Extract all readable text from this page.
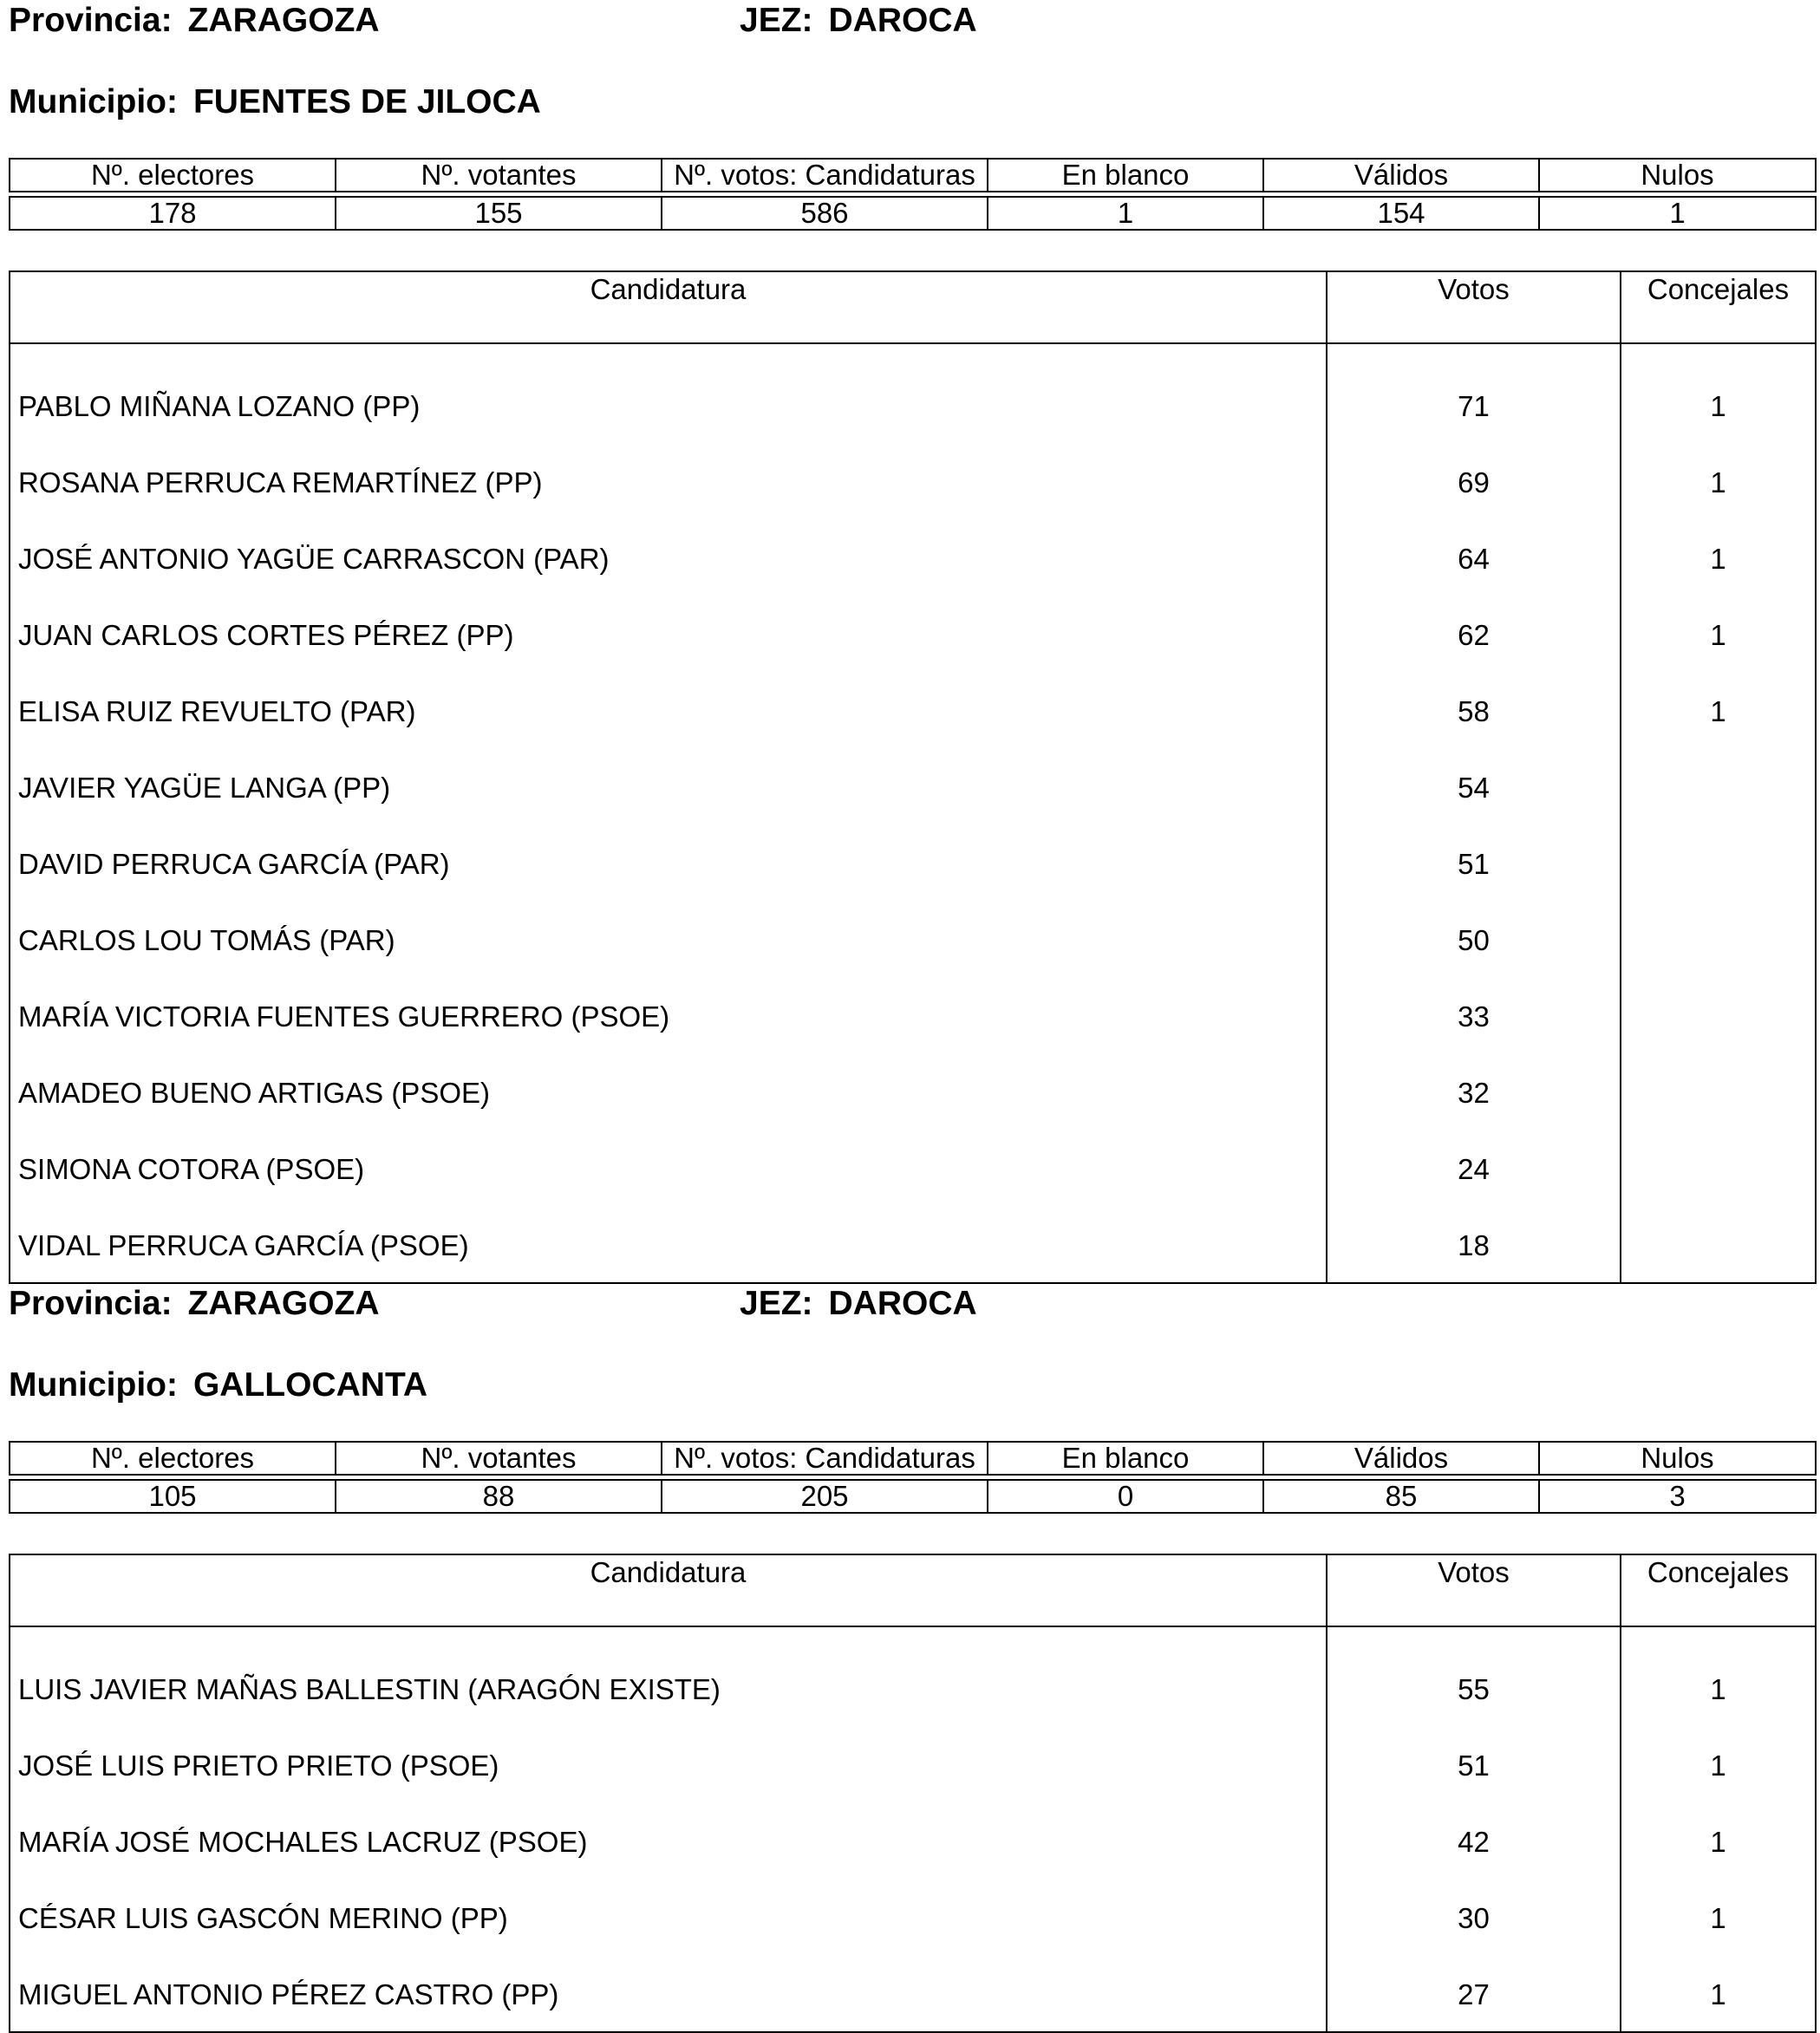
Provincia: ZARAGOZA	JEZ: DAROCA
Municipio: FUENTES DE JILOCA
Nº. electores	Nº. votantes	Nº. votos: Candidaturas	En blanco	Válidos	Nulos

178	155	586	1	154	1
Candidatura	Votos	Concejales
PABLO MIÑANA LOZANO (PP)	71	1
ROSANA PERRUCA REMARTÍNEZ (PP)	69	1
JOSÉ ANTONIO YAGÜE CARRASCON (PAR)	64	1
JUAN CARLOS CORTES PÉREZ (PP)	62	1
ELISA RUIZ REVUELTO (PAR)	58	1
JAVIER YAGÜE LANGA (PP)	54	
DAVID PERRUCA GARCÍA (PAR)	51	
CARLOS LOU TOMÁS (PAR)	50	
MARÍA VICTORIA FUENTES GUERRERO (PSOE)	33	
AMADEO BUENO ARTIGAS (PSOE)	32	
SIMONA COTORA (PSOE)	24	
VIDAL PERRUCA GARCÍA (PSOE)	18	
Provincia: ZARAGOZA	JEZ: DAROCA
Municipio: GALLOCANTA
Nº. electores	Nº. votantes	Nº. votos: Candidaturas	En blanco	Válidos	Nulos

105	88	205	0	85	3
Candidatura	Votos	Concejales
LUIS JAVIER MAÑAS BALLESTIN (ARAGÓN EXISTE)	55	1
JOSÉ LUIS PRIETO PRIETO (PSOE)	51	1
MARÍA JOSÉ MOCHALES LACRUZ (PSOE)	42	1
CÉSAR LUIS GASCÓN MERINO (PP)	30	1
MIGUEL ANTONIO PÉREZ CASTRO (PP)	27	1
